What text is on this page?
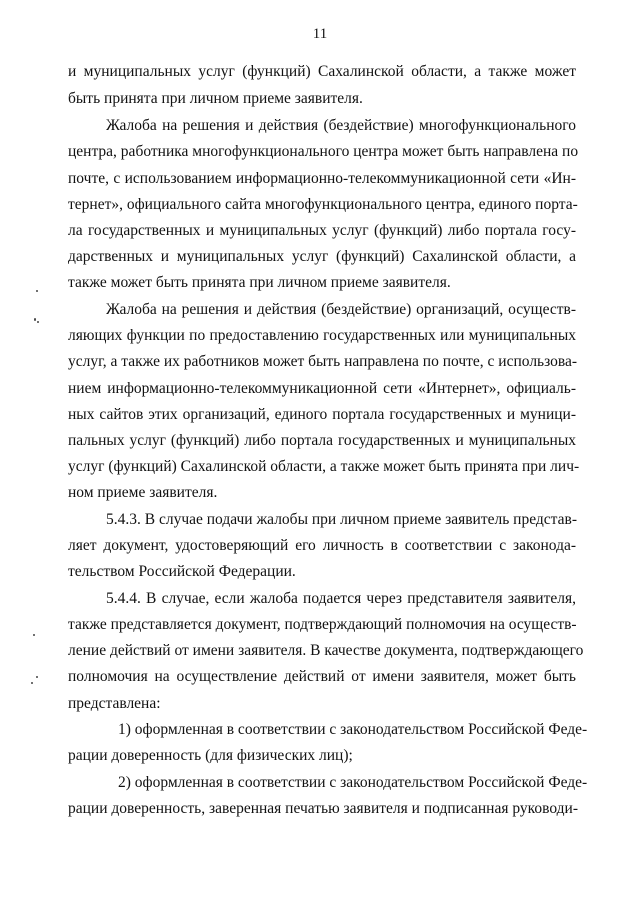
11
и муниципальных услуг (функций) Сахалинской области, а также может
быть принята при личном приеме заявителя.
Жалоба на решения и действия (бездействие) многофункционального
центра, работника многофункционального центра может быть направлена по
почте, с использованием информационно-телекоммуникационной сети «Ин-
тернет», официального сайта многофункционального центра, единого порта-
ла государственных и муниципальных услуг (функций) либо портала госу-
дарственных и муниципальных услуг (функций) Сахалинской области, а
также может быть принята при личном приеме заявителя.
Жалоба на решения и действия (бездействие) организаций, осуществ-
ляющих функции по предоставлению государственных или муниципальных
услуг, а также их работников может быть направлена по почте, с использова-
нием информационно-телекоммуникационной сети «Интернет», официаль-
ных сайтов этих организаций, единого портала государственных и муници-
пальных услуг (функций) либо портала государственных и муниципальных
услуг (функций) Сахалинской области, а также может быть принята при лич-
ном приеме заявителя.
5.4.3. В случае подачи жалобы при личном приеме заявитель представ-
ляет документ, удостоверяющий его личность в соответствии с законода-
тельством Российской Федерации.
5.4.4. В случае, если жалоба подается через представителя заявителя,
также представляется документ, подтверждающий полномочия на осуществ-
ление действий от имени заявителя. В качестве документа, подтверждающего
полномочия на осуществление действий от имени заявителя, может быть
представлена:
1) оформленная в соответствии с законодательством Российской Феде-
рации доверенность (для физических лиц);
2) оформленная в соответствии с законодательством Российской Феде-
рации доверенность, заверенная печатью заявителя и подписанная руководи-
